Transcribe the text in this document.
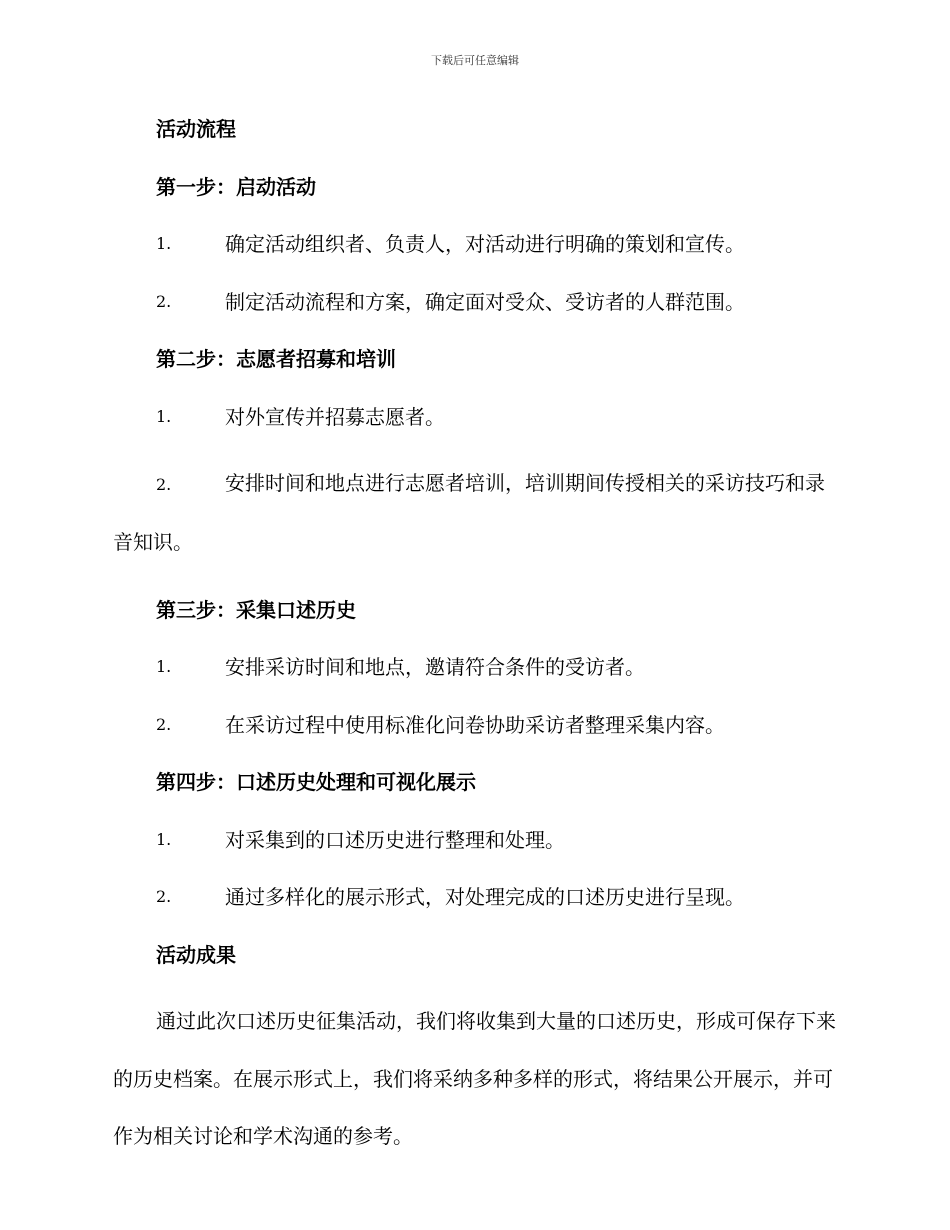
下载后可任意编辑
活动流程
第一步：启动活动
1.	确定活动组织者、负责人，对活动进行明确的策划和宣传。
2.	制定活动流程和方案，确定面对受众、受访者的人群范围。
第二步：志愿者招募和培训
1.	对外宣传并招募志愿者。
2.	安排时间和地点进行志愿者培训，培训期间传授相关的采访技巧和录音知识。
第三步：采集口述历史
1.	安排采访时间和地点，邀请符合条件的受访者。
2.	在采访过程中使用标准化问卷协助采访者整理采集内容。
第四步：口述历史处理和可视化展示
1.	对采集到的口述历史进行整理和处理。
2.	通过多样化的展示形式，对处理完成的口述历史进行呈现。
活动成果

通过此次口述历史征集活动，我们将收集到大量的口述历史，形成可保存下来的历史档案。在展示形式上，我们将采纳多种多样的形式，将结果公开展示，并可作为相关讨论和学术沟通的参考。
